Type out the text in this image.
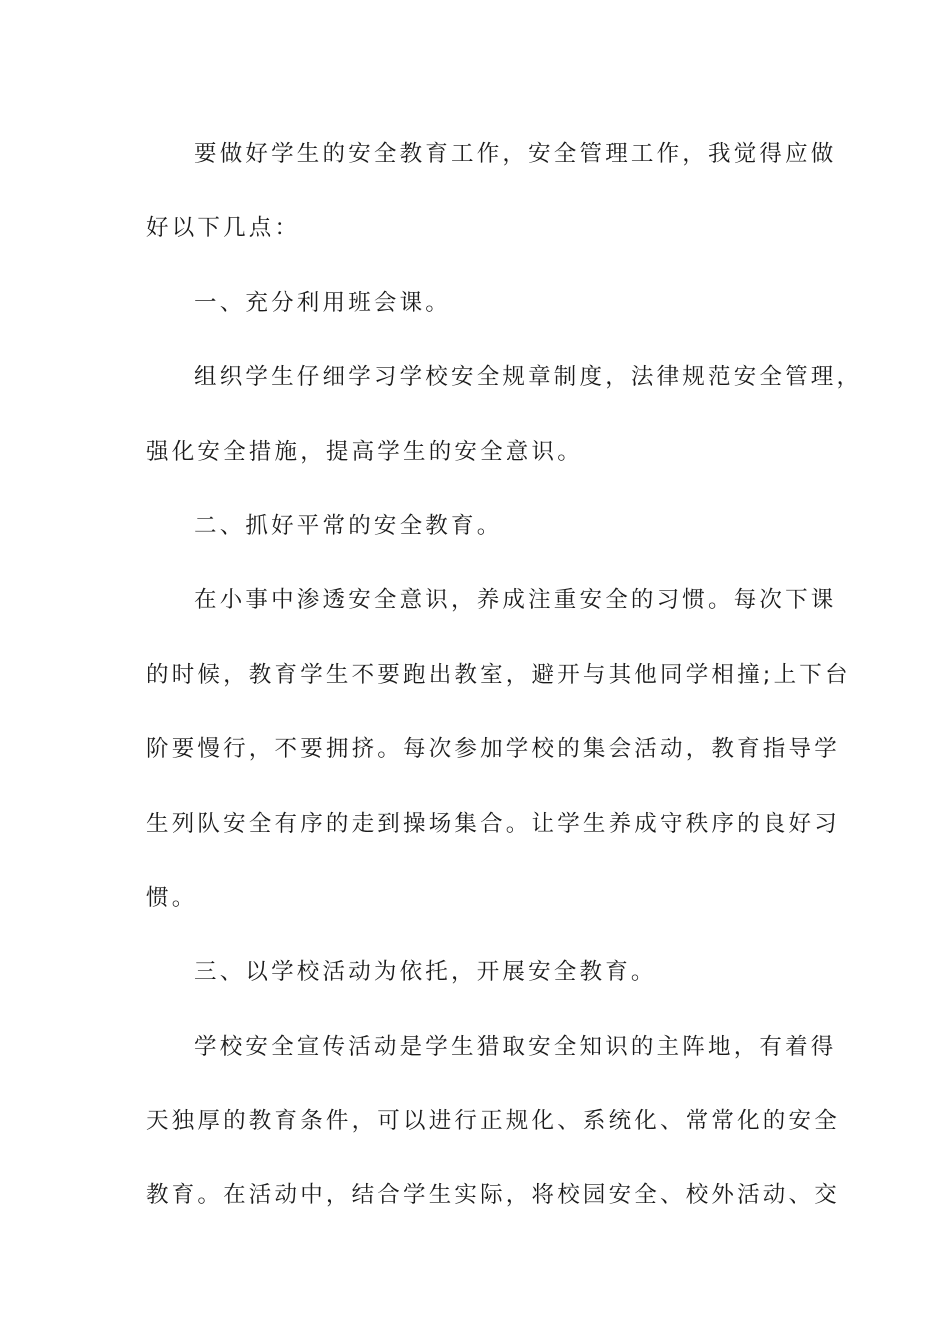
要做好学生的安全教育工作，安全管理工作，我觉得应做
好以下几点：
一、充分利用班会课。
组织学生仔细学习学校安全规章制度，法律规范安全管理，
强化安全措施，提高学生的安全意识。
二、抓好平常的安全教育。
在小事中渗透安全意识，养成注重安全的习惯。每次下课
的时候，教育学生不要跑出教室，避开与其他同学相撞;上下台
阶要慢行，不要拥挤。每次参加学校的集会活动，教育指导学
生列队安全有序的走到操场集合。让学生养成守秩序的良好习
惯。
三、以学校活动为依托，开展安全教育。
学校安全宣传活动是学生猎取安全知识的主阵地，有着得
天独厚的教育条件，可以进行正规化、系统化、常常化的安全
教育。在活动中，结合学生实际，将校园安全、校外活动、交
